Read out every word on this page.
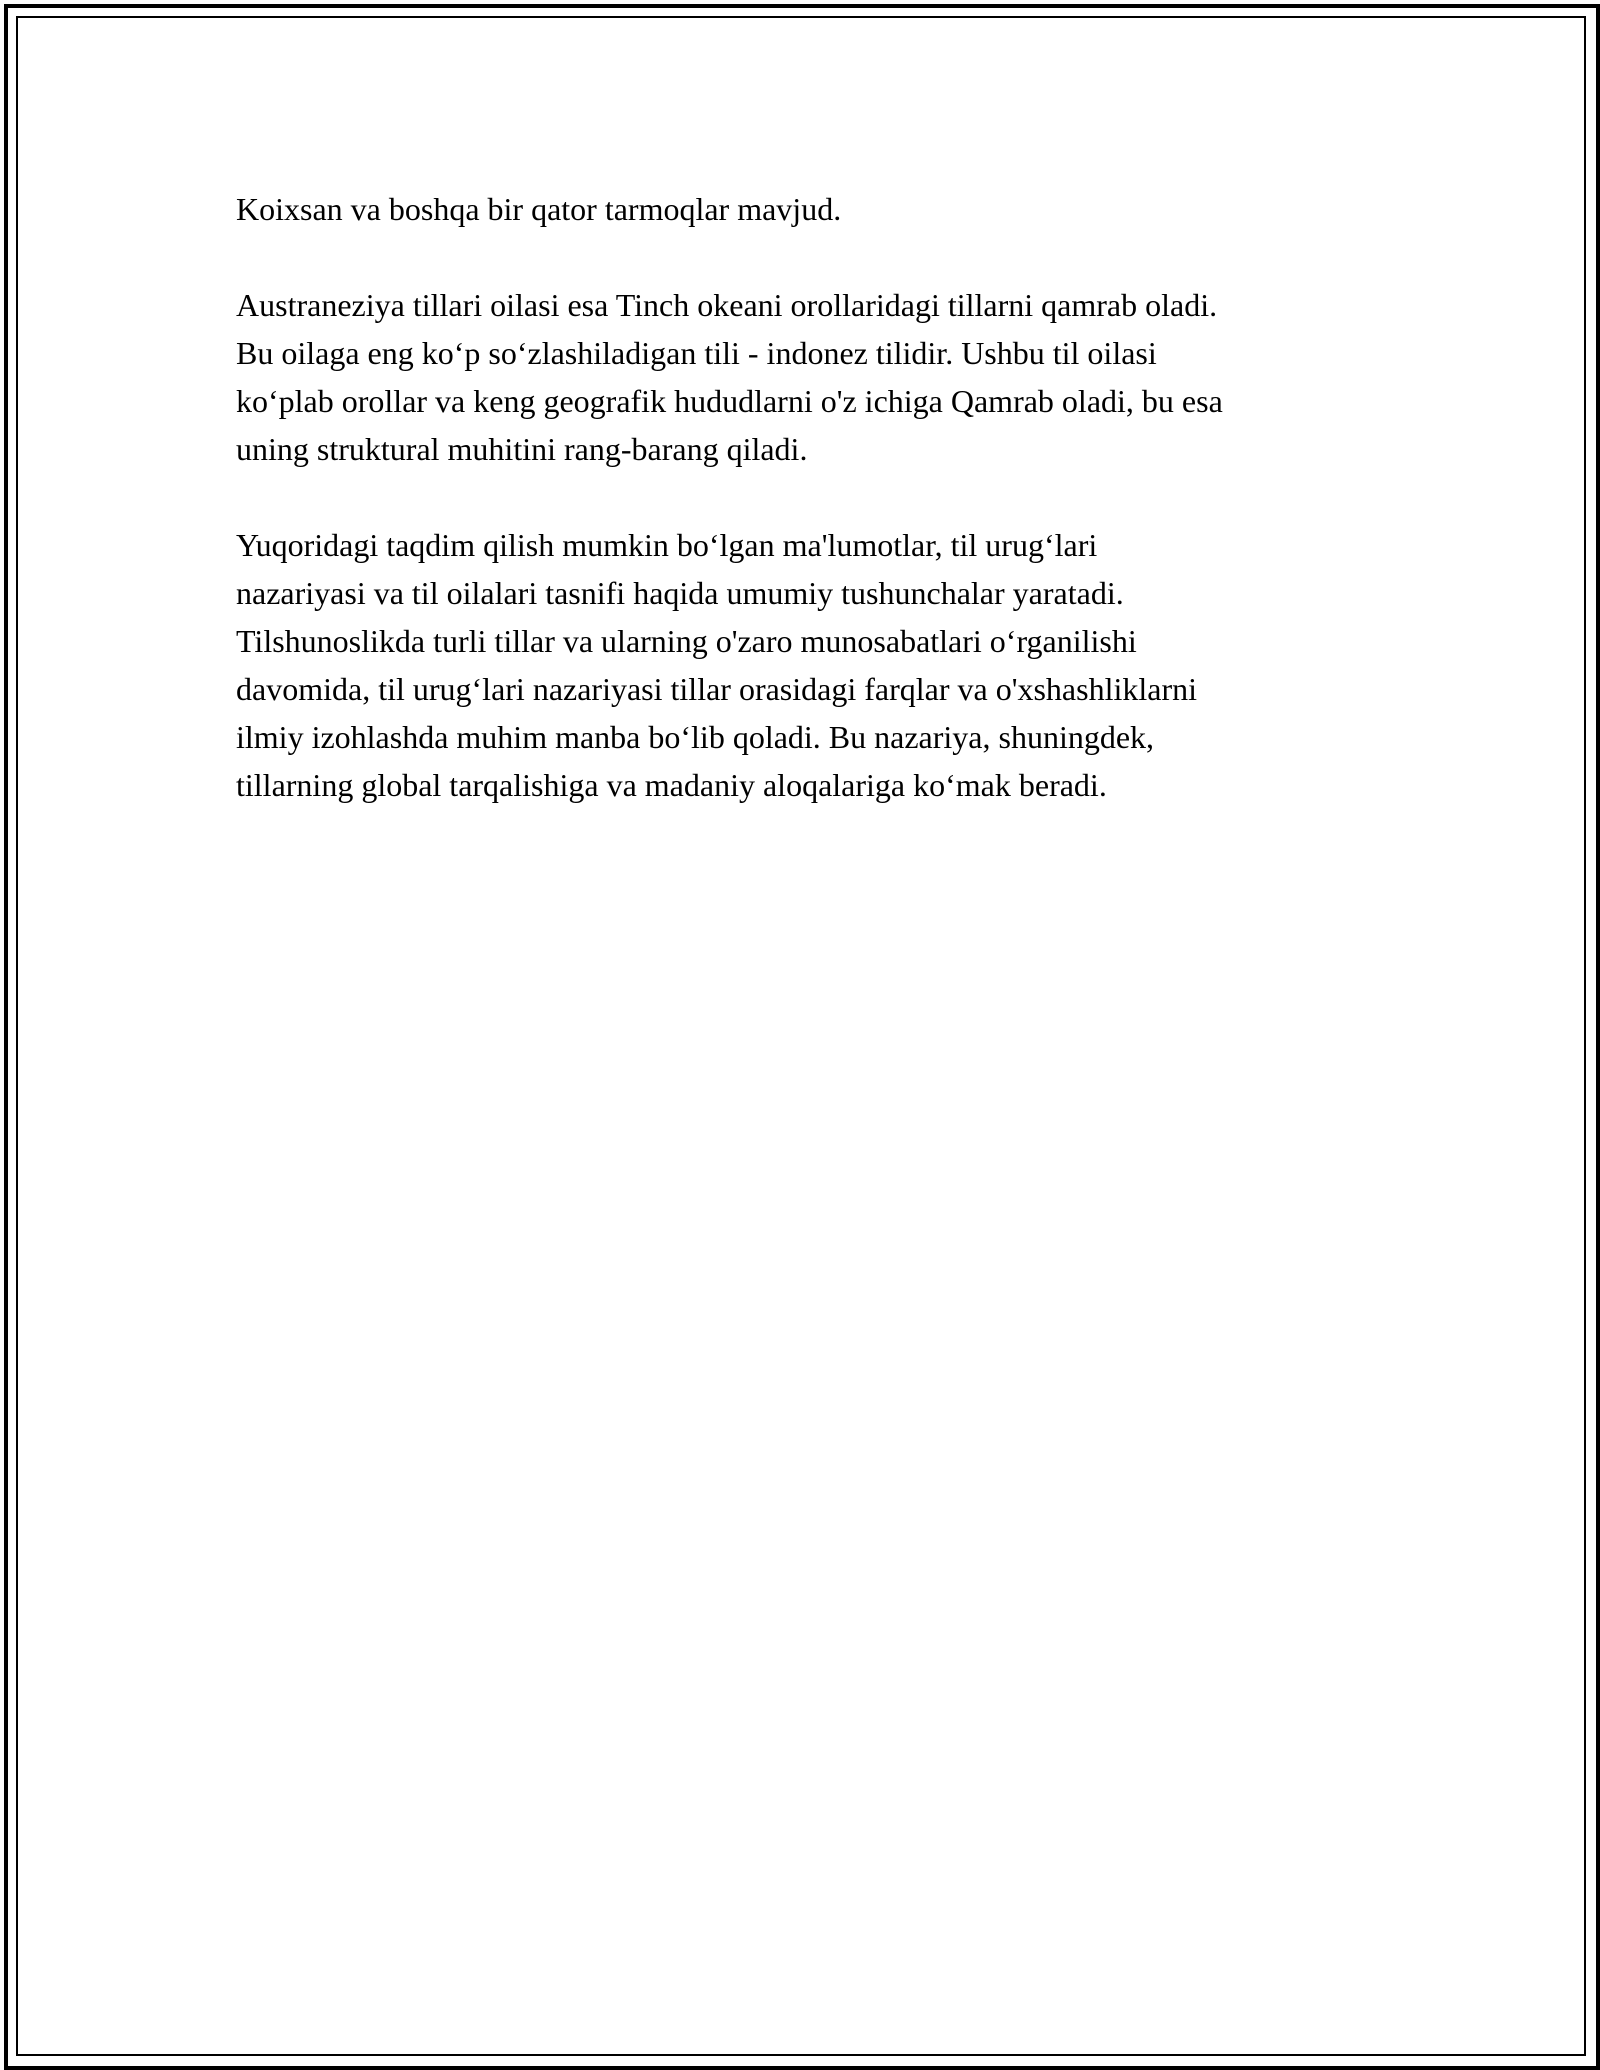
Koixsan va boshqa bir qator tarmoqlar mavjud.

Austraneziya tillari oilasi esa Tinch okeani orollaridagi tillarni qamrab oladi.
Bu oilaga eng ko‘p so‘zlashiladigan tili - indonez tilidir. Ushbu til oilasi
ko‘plab orollar va keng geografik hududlarni o'z ichiga Qamrab oladi, bu esa
uning struktural muhitini rang-barang qiladi.

Yuqoridagi taqdim qilish mumkin bo‘lgan ma'lumotlar, til urug‘lari
nazariyasi va til oilalari tasnifi haqida umumiy tushunchalar yaratadi.
Tilshunoslikda turli tillar va ularning o'zaro munosabatlari o‘rganilishi
davomida, til urug‘lari nazariyasi tillar orasidagi farqlar va o'xshashliklarni
ilmiy izohlashda muhim manba bo‘lib qoladi. Bu nazariya, shuningdek,
tillarning global tarqalishiga va madaniy aloqalariga ko‘mak beradi.
